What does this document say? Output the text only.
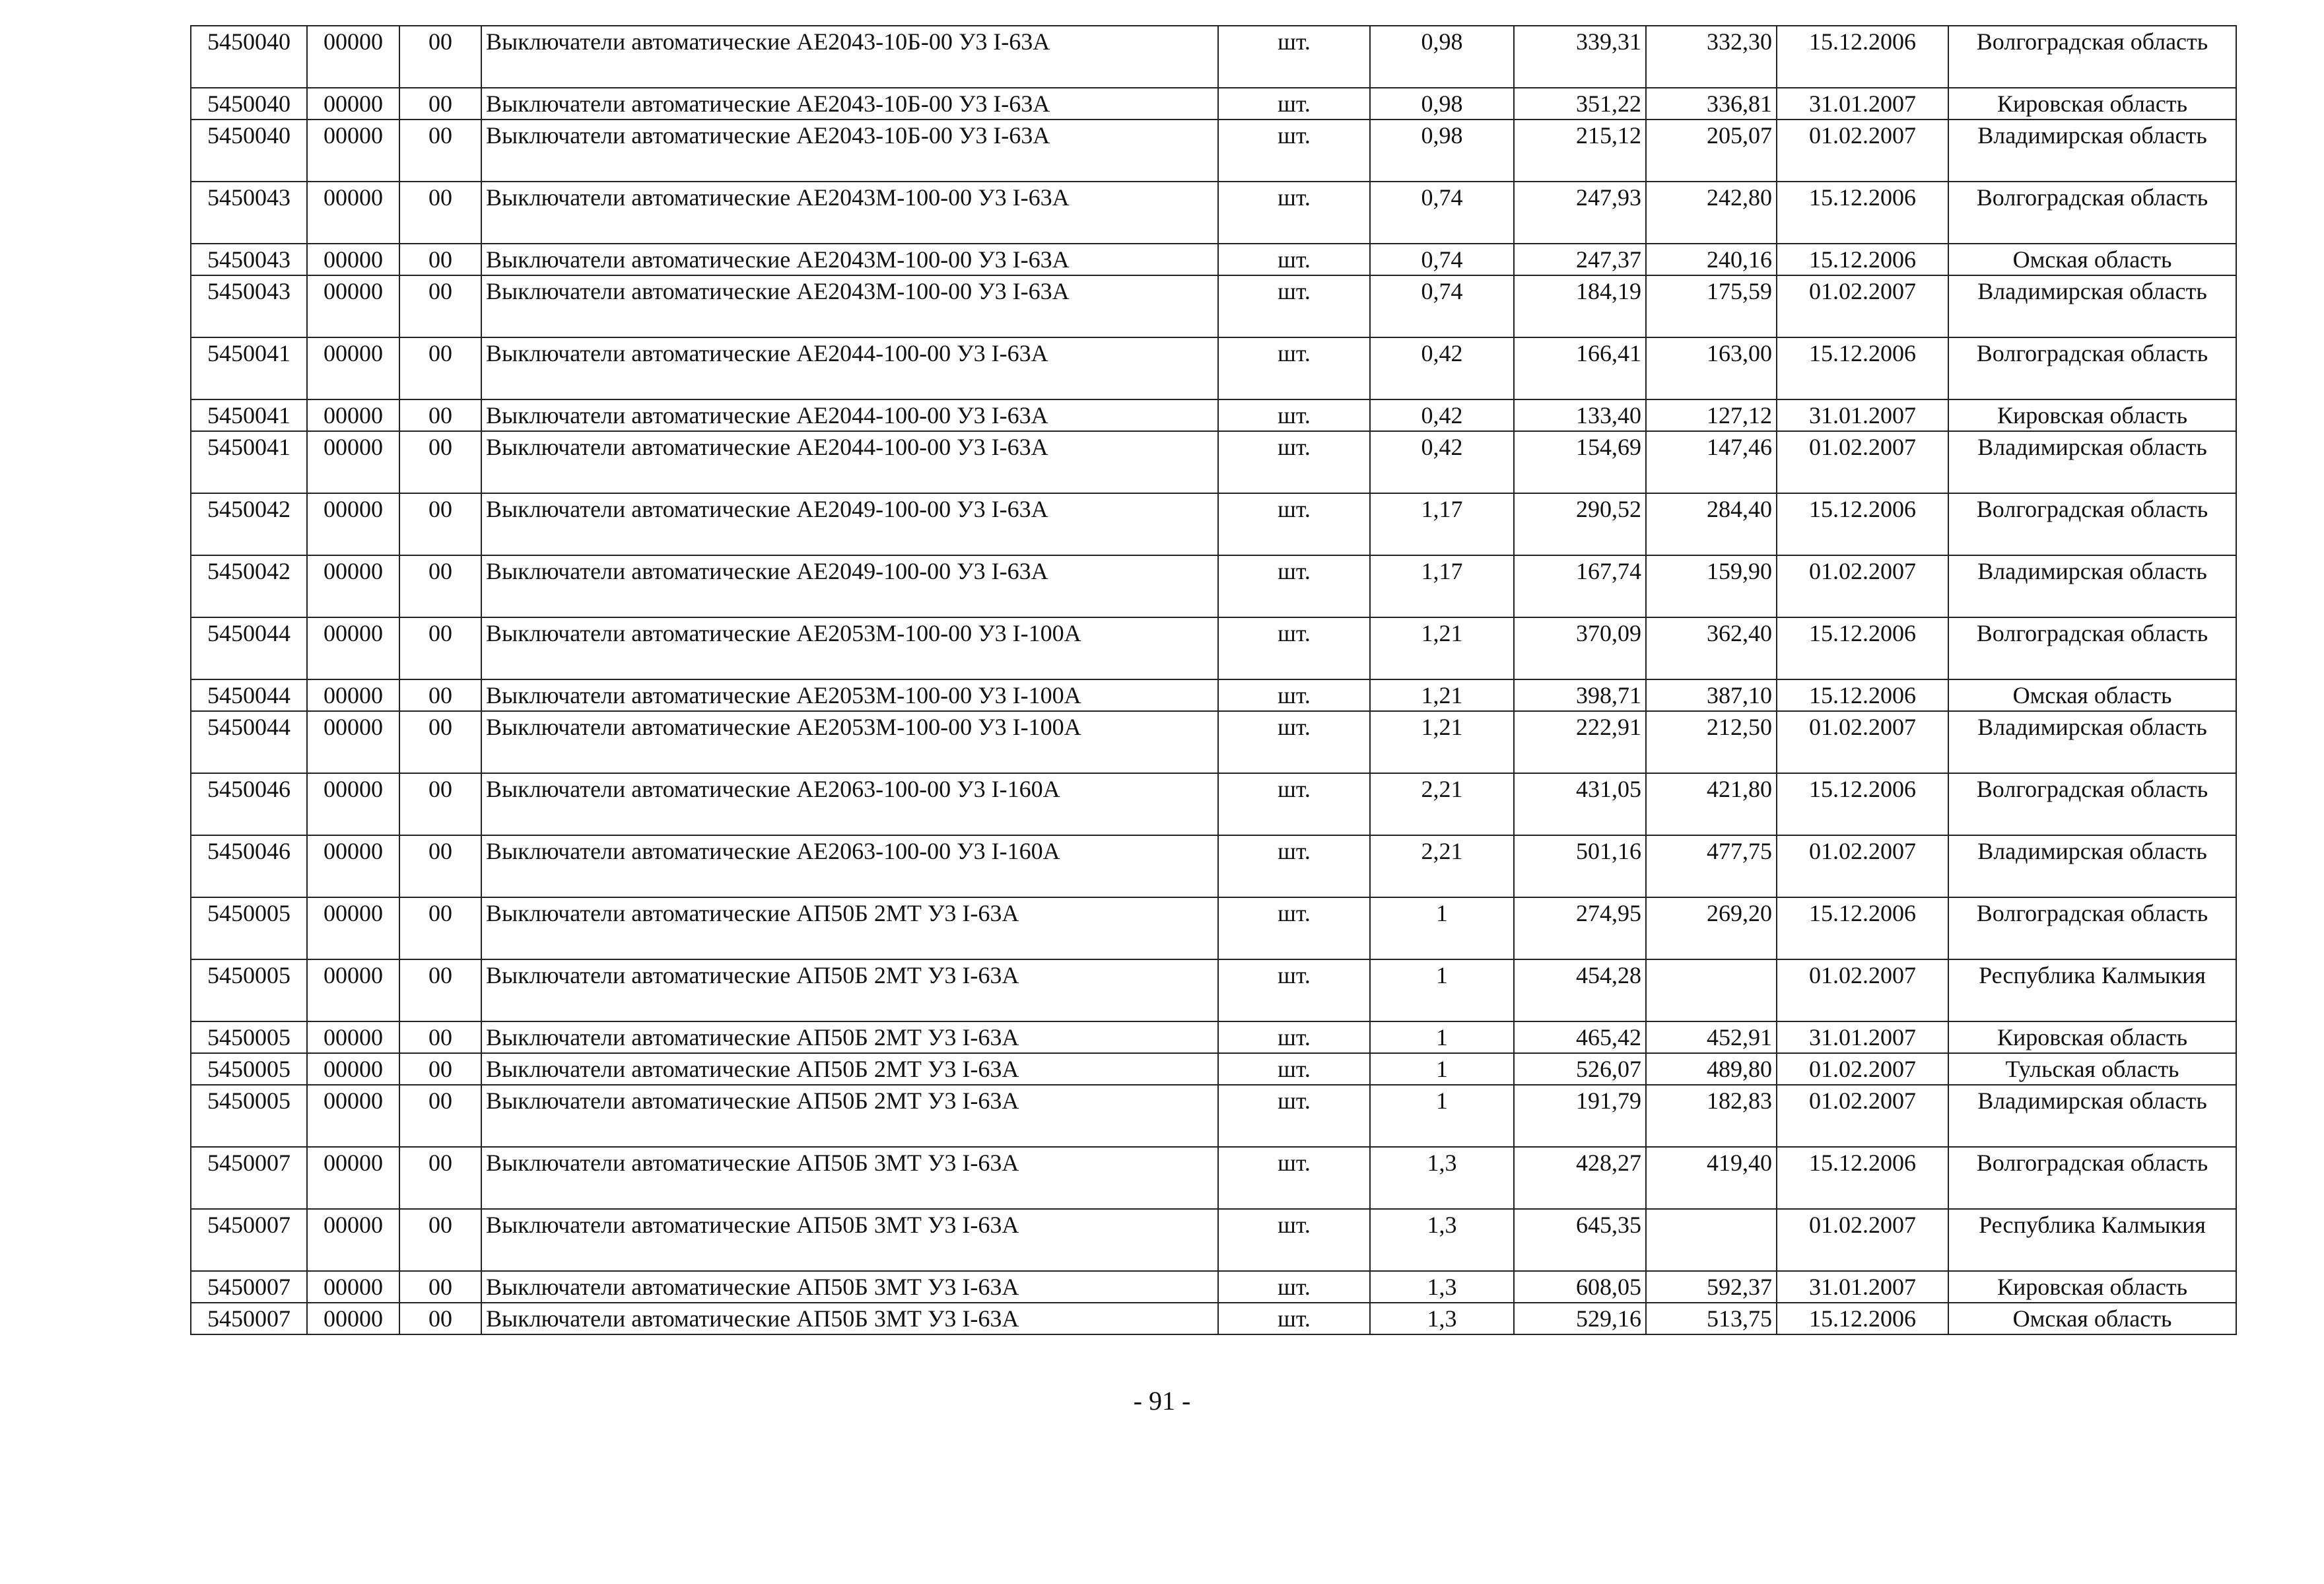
5450040	00000	00	Выключатели автоматические АЕ2043-10Б-00 У3 I-63А	шт.	0,98	339,31	332,30	15.12.2006	Волгоградская область
5450040	00000	00	Выключатели автоматические АЕ2043-10Б-00 У3 I-63А	шт.	0,98	351,22	336,81	31.01.2007	Кировская область
5450040	00000	00	Выключатели автоматические АЕ2043-10Б-00 У3 I-63А	шт.	0,98	215,12	205,07	01.02.2007	Владимирская область
5450043	00000	00	Выключатели автоматические АЕ2043М-100-00 У3 I-63А	шт.	0,74	247,93	242,80	15.12.2006	Волгоградская область
5450043	00000	00	Выключатели автоматические АЕ2043М-100-00 У3 I-63А	шт.	0,74	247,37	240,16	15.12.2006	Омская область
5450043	00000	00	Выключатели автоматические АЕ2043М-100-00 У3 I-63А	шт.	0,74	184,19	175,59	01.02.2007	Владимирская область
5450041	00000	00	Выключатели автоматические АЕ2044-100-00 У3 I-63А	шт.	0,42	166,41	163,00	15.12.2006	Волгоградская область
5450041	00000	00	Выключатели автоматические АЕ2044-100-00 У3 I-63А	шт.	0,42	133,40	127,12	31.01.2007	Кировская область
5450041	00000	00	Выключатели автоматические АЕ2044-100-00 У3 I-63А	шт.	0,42	154,69	147,46	01.02.2007	Владимирская область
5450042	00000	00	Выключатели автоматические АЕ2049-100-00 У3 I-63А	шт.	1,17	290,52	284,40	15.12.2006	Волгоградская область
5450042	00000	00	Выключатели автоматические АЕ2049-100-00 У3 I-63А	шт.	1,17	167,74	159,90	01.02.2007	Владимирская область
5450044	00000	00	Выключатели автоматические АЕ2053М-100-00 У3 I-100А	шт.	1,21	370,09	362,40	15.12.2006	Волгоградская область
5450044	00000	00	Выключатели автоматические АЕ2053М-100-00 У3 I-100А	шт.	1,21	398,71	387,10	15.12.2006	Омская область
5450044	00000	00	Выключатели автоматические АЕ2053М-100-00 У3 I-100А	шт.	1,21	222,91	212,50	01.02.2007	Владимирская область
5450046	00000	00	Выключатели автоматические АЕ2063-100-00 У3 I-160А	шт.	2,21	431,05	421,80	15.12.2006	Волгоградская область
5450046	00000	00	Выключатели автоматические АЕ2063-100-00 У3 I-160А	шт.	2,21	501,16	477,75	01.02.2007	Владимирская область
5450005	00000	00	Выключатели автоматические АП50Б 2МТ У3 I-63А	шт.	1	274,95	269,20	15.12.2006	Волгоградская область
5450005	00000	00	Выключатели автоматические АП50Б 2МТ У3 I-63А	шт.	1	454,28		01.02.2007	Республика Калмыкия
5450005	00000	00	Выключатели автоматические АП50Б 2МТ У3 I-63А	шт.	1	465,42	452,91	31.01.2007	Кировская область
5450005	00000	00	Выключатели автоматические АП50Б 2МТ У3 I-63А	шт.	1	526,07	489,80	01.02.2007	Тульская область
5450005	00000	00	Выключатели автоматические АП50Б 2МТ У3 I-63А	шт.	1	191,79	182,83	01.02.2007	Владимирская область
5450007	00000	00	Выключатели автоматические АП50Б 3МТ У3 I-63А	шт.	1,3	428,27	419,40	15.12.2006	Волгоградская область
5450007	00000	00	Выключатели автоматические АП50Б 3МТ У3 I-63А	шт.	1,3	645,35		01.02.2007	Республика Калмыкия
5450007	00000	00	Выключатели автоматические АП50Б 3МТ У3 I-63А	шт.	1,3	608,05	592,37	31.01.2007	Кировская область
5450007	00000	00	Выключатели автоматические АП50Б 3МТ У3 I-63А	шт.	1,3	529,16	513,75	15.12.2006	Омская область
- 91 -
